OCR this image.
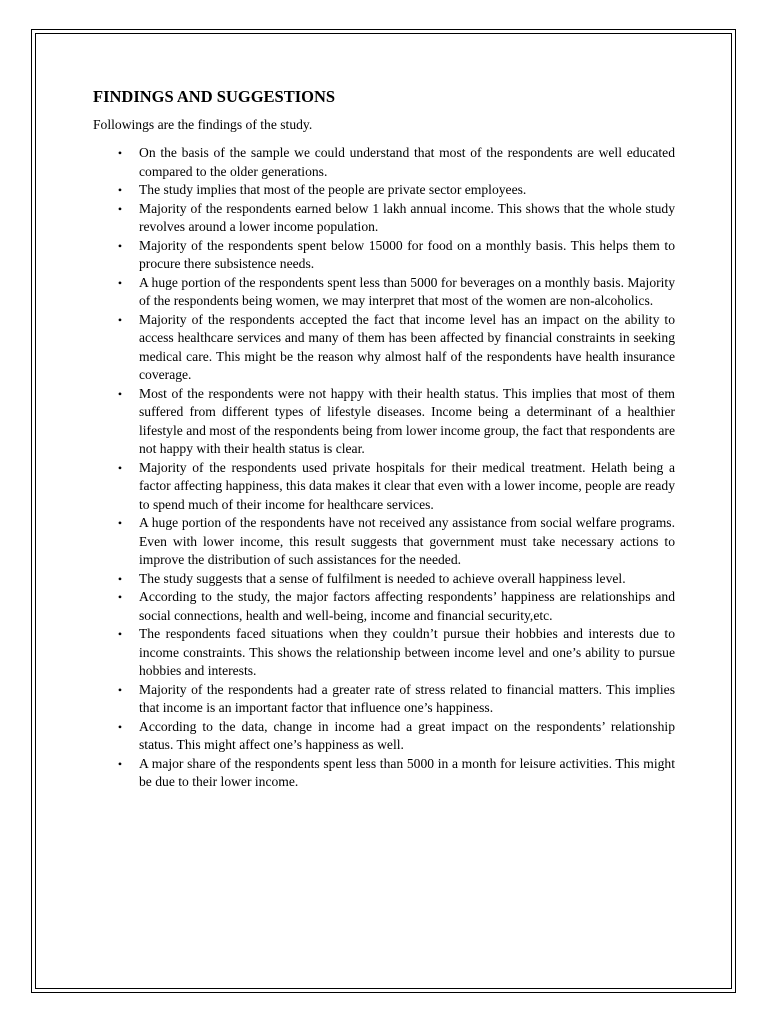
FINDINGS AND SUGGESTIONS
Followings are the findings of the study.
• On the basis of the sample we could understand that most of the respondents are well educated compared to the older generations.
• The study implies that most of the people are private sector employees.
• Majority of the respondents earned below 1 lakh annual income. This shows that the whole study revolves around a lower income population.
• Majority of the respondents spent below 15000 for food on a monthly basis. This helps them to procure there subsistence needs.
• A huge portion of the respondents spent less than 5000 for beverages on a monthly basis. Majority of the respondents being women, we may interpret that most of the women are non-alcoholics.
• Majority of the respondents accepted the fact that income level has an impact on the ability to access healthcare services and many of them has been affected by financial constraints in seeking medical care. This might be the reason why almost half of the respondents have health insurance coverage.
• Most of the respondents were not happy with their health status. This implies that most of them suffered from different types of lifestyle diseases. Income being a determinant of a healthier lifestyle and most of the respondents being from lower income group, the fact that respondents are not happy with their health status is clear.
• Majority of the respondents used private hospitals for their medical treatment. Helath being a factor affecting happiness, this data makes it clear that even with a lower income, people are ready to spend much of their income for healthcare services.
• A huge portion of the respondents have not received any assistance from social welfare programs. Even with lower income, this result suggests that government must take necessary actions to improve the distribution of such assistances for the needed.
• The study suggests that a sense of fulfilment is needed to achieve overall happiness level.
• According to the study, the major factors affecting respondents’ happiness are relationships and social connections, health and well-being, income and financial security,etc.
• The respondents faced situations when they couldn’t pursue their hobbies and interests due to income constraints. This shows the relationship between income level and one’s ability to pursue hobbies and interests.
• Majority of the respondents had a greater rate of stress related to financial matters. This implies that income is an important factor that influence one’s happiness.
• According to the data, change in income had a great impact on the respondents’ relationship status. This might affect one’s happiness as well.
• A major share of the respondents spent less than 5000 in a month for leisure activities. This might be due to their lower income.
